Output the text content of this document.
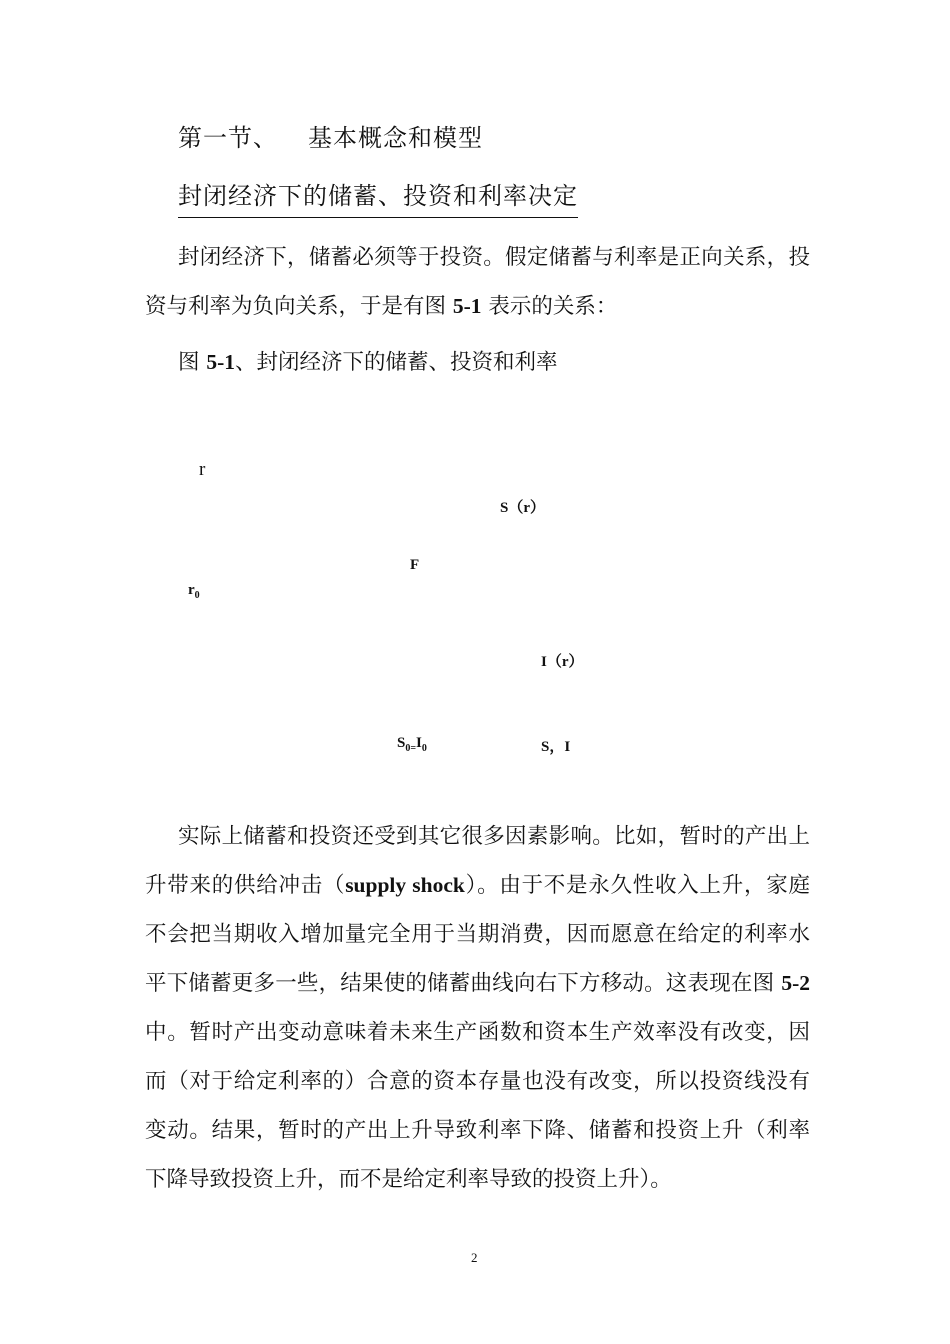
第一节、 基本概念和模型
封闭经济下的储蓄、投资和利率决定

封闭经济下，储蓄必须等于投资。假定储蓄与利率是正向关系，投资与利率为负向关系，于是有图 5-1 表示的关系：

图 5-1、封闭经济下的储蓄、投资和利率
r
S（r）
F
$r_0$
I（r）
$S_{0=}I_0$	S，I

实际上储蓄和投资还受到其它很多因素影响。比如，暂时的产出上升带来的供给冲击（supply shock）。由于不是永久性收入上升，家庭不会把当期收入增加量完全用于当期消费，因而愿意在给定的利率水平下储蓄更多一些，结果使的储蓄曲线向右下方移动。这表现在图 5-2 中。暂时产出变动意味着未来生产函数和资本生产效率没有改变，因而（对于给定利率的）合意的资本存量也没有改变，所以投资线没有变动。结果，暂时的产出上升导致利率下降、储蓄和投资上升（利率下降导致投资上升，而不是给定利率导致的投资上升）。

2
